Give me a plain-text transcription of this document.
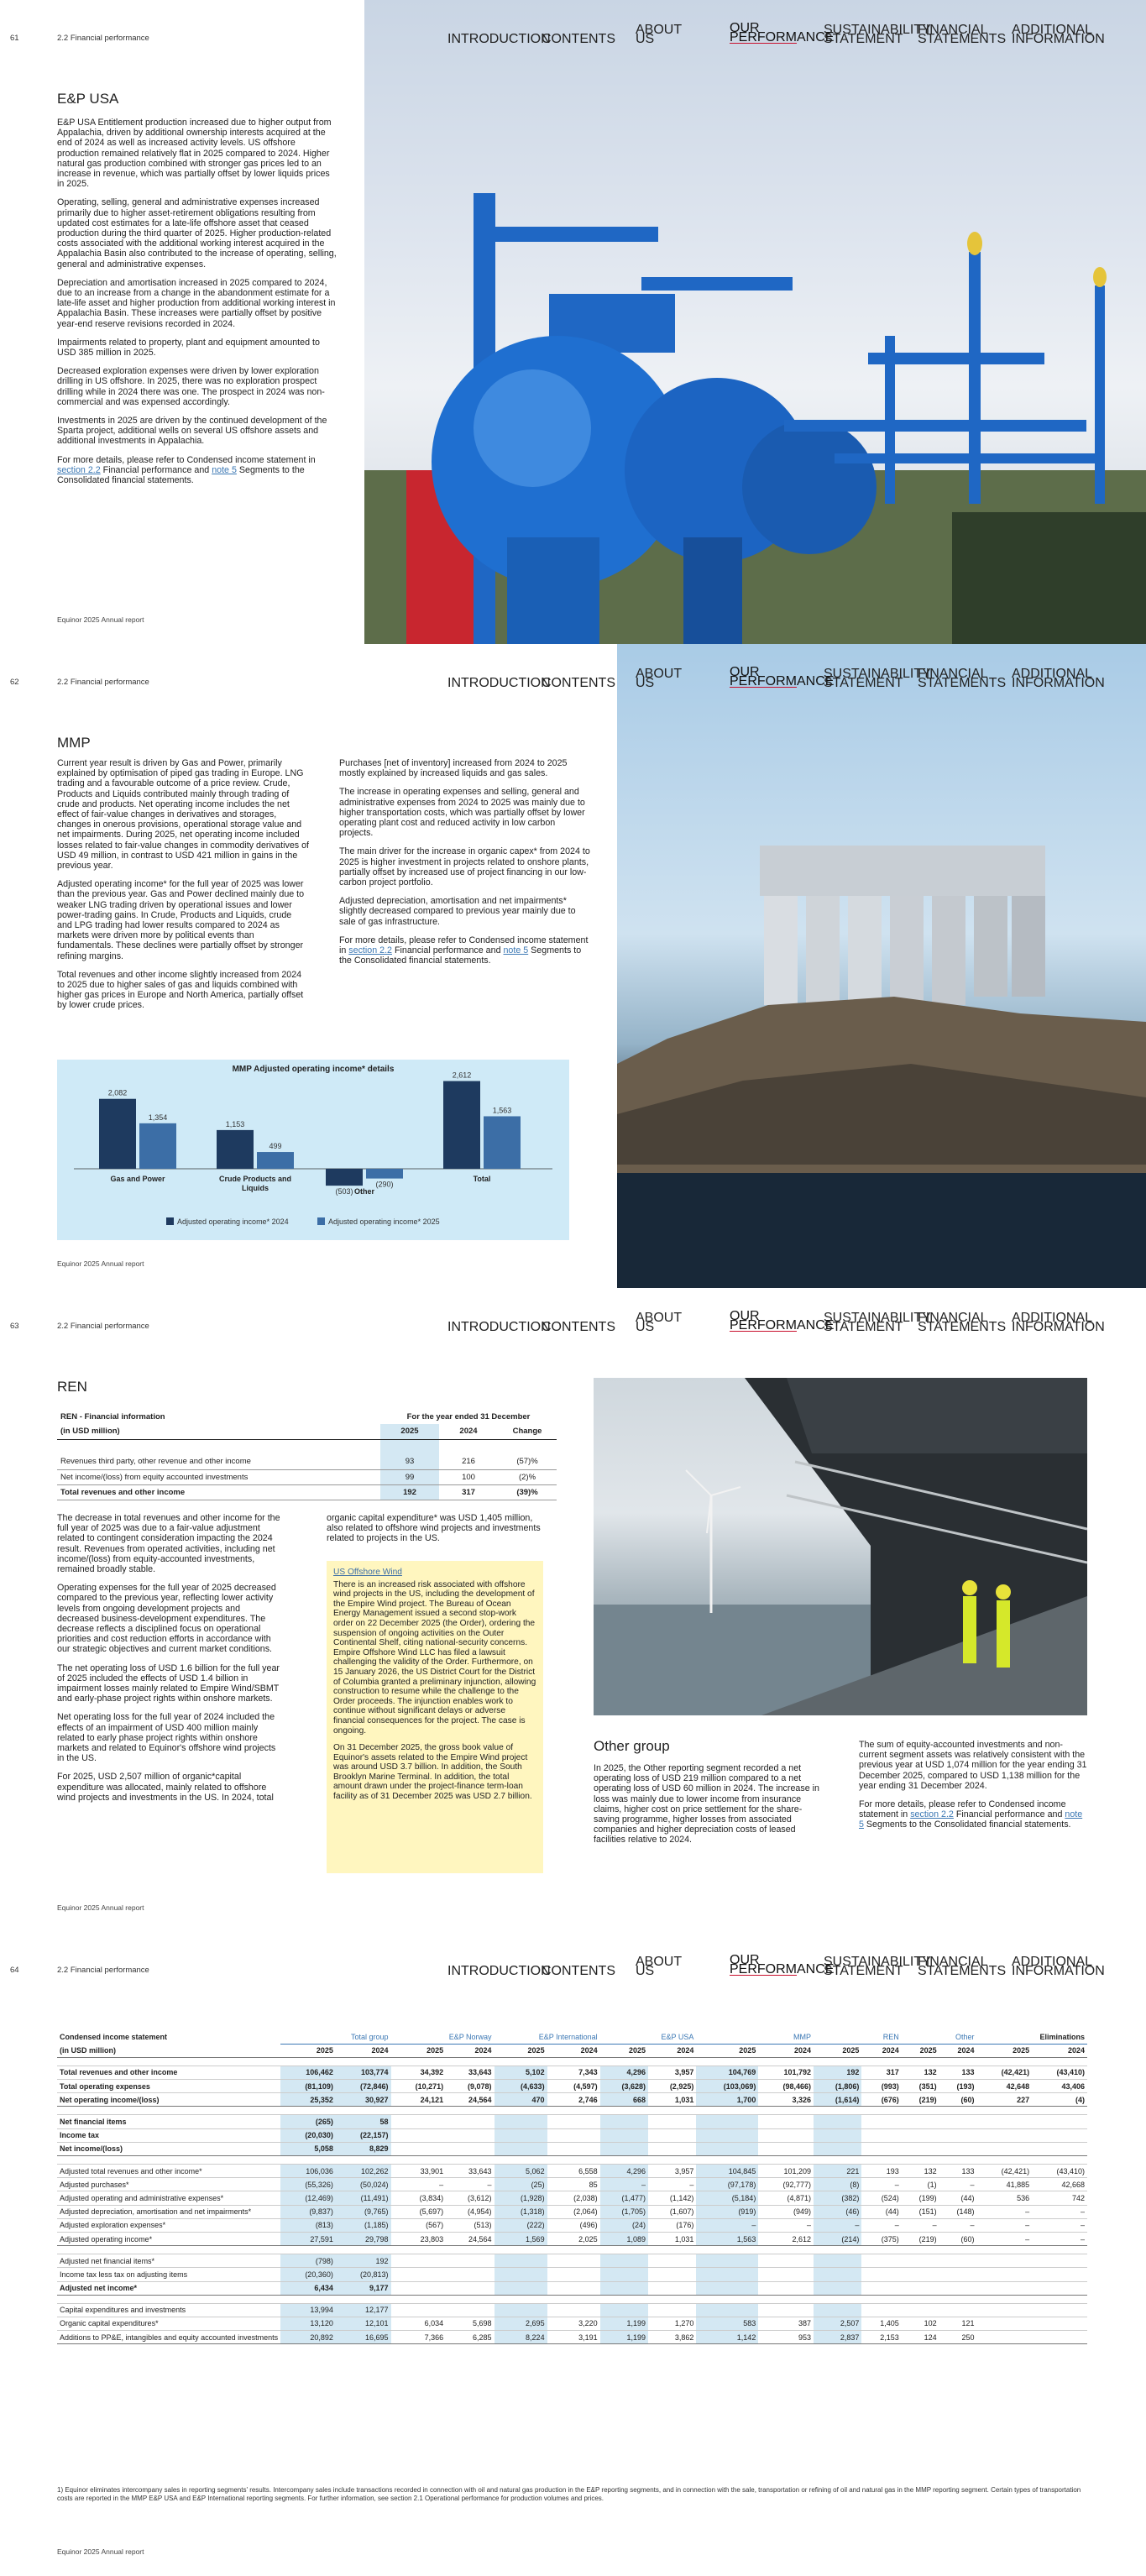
61	2.2 Financial performance	INTRODUCTION
CONTENTS
ABOUT US
OUR PERFORMANCE
SUSTAINABILITY STATEMENT
FINANCIAL STATEMENTS
ADDITIONAL INFORMATION
E&P USA

E&P USA Entitlement production increased due to higher output from Appalachia, driven by additional ownership interests acquired at the end of 2024 as well as increased activity levels. US offshore production remained relatively flat in 2025 compared to 2024. Higher natural gas production combined with stronger gas prices led to an increase in revenue, which was partially offset by lower liquids prices in 2025.

Operating, selling, general and administrative expenses increased primarily due to higher asset-retirement obligations resulting from updated cost estimates for a late-life offshore asset that ceased production during the third quarter of 2025. Higher production-related costs associated with the additional working interest acquired in the Appalachia Basin also contributed to the increase of operating, selling, general and administrative expenses.

Depreciation and amortisation increased in 2025 compared to 2024, due to an increase from a change in the abandonment estimate for a late-life asset and higher production from additional working interest in Appalachia Basin. These increases were partially offset by positive year-end reserve revisions recorded in 2024.

Impairments related to property, plant and equipment amounted to USD 385 million in 2025.

Decreased exploration expenses were driven by lower exploration drilling in US offshore. In 2025, there was no exploration prospect drilling while in 2024 there was one. The prospect in 2024 was non-commercial and was expensed accordingly.

Investments in 2025 are driven by the continued development of the Sparta project, additional wells on several US offshore assets and additional investments in Appalachia.

For more details, please refer to Condensed income statement in section 2.2 Financial performance and note 5 Segments to the Consolidated financial statements.

Equinor 2025 Annual report
62	2.2 Financial performance	INTRODUCTION
CONTENTS
ABOUT US
OUR PERFORMANCE
SUSTAINABILITY STATEMENT
FINANCIAL STATEMENTS
ADDITIONAL INFORMATION
MMP

Current year result is driven by Gas and Power, primarily explained by optimisation of piped gas trading in Europe. LNG trading and a favourable outcome of a price review. Crude, Products and Liquids contributed mainly through trading of crude and products. Net operating income includes the net effect of fair-value changes in derivatives and storages, changes in onerous provisions, operational storage value and net impairments. During 2025, net operating income included losses related to fair-value changes in commodity derivatives of USD 49 million, in contrast to USD 421 million in gains in the previous year.

Adjusted operating income* for the full year of 2025 was lower than the previous year. Gas and Power declined mainly due to weaker LNG trading driven by operational issues and lower power-trading gains. In Crude, Products and Liquids, crude and LPG trading had lower results compared to 2024 as markets were driven more by political events than fundamentals. These declines were partially offset by stronger refining margins.

Total revenues and other income slightly increased from 2024 to 2025 due to higher sales of gas and liquids combined with higher gas prices in Europe and North America, partially offset by lower crude prices.

Purchases [net of inventory] increased from 2024 to 2025 mostly explained by increased liquids and gas sales.

The increase in operating expenses and selling, general and administrative expenses from 2024 to 2025 was mainly due to higher transportation costs, which was partially offset by lower operating plant cost and reduced activity in low carbon projects.

The main driver for the increase in organic capex* from 2024 to 2025 is higher investment in projects related to onshore plants, partially offset by increased use of project financing in our low-carbon project portfolio.

Adjusted depreciation, amortisation and net impairments* slightly decreased compared to previous year mainly due to sale of gas infrastructure.

For more details, please refer to Condensed income statement in section 2.2 Financial performance and note 5 Segments to the Consolidated financial statements.

MMP Adjusted operating income* details
2,082
1,354
Gas and Power
1,153
499
Crude Products and
Liquids	(503)
(290)
Other
2,612
1,563
Total
Adjusted operating income* 2024	Adjusted operating income* 2025
Equinor 2025 Annual report
63	2.2 Financial performance	INTRODUCTION
CONTENTS
ABOUT US
OUR PERFORMANCE
SUSTAINABILITY STATEMENT
FINANCIAL STATEMENTS
ADDITIONAL INFORMATION
REN
REN - Financial information	For the year ended 31 December		
(in USD million)	2025	2024	Change

Revenues third party, other revenue and other income	93	216	(57)%
Net income/(loss) from equity accounted investments	99	100	(2)%
Total revenues and other income	192	317	(39)%

The decrease in total revenues and other income for the full year of 2025 was due to a fair-value adjustment related to contingent consideration impacting the 2024 result. Revenues from operated activities, including net income/(loss) from equity-accounted investments, remained broadly stable.

Operating expenses for the full year of 2025 decreased compared to the previous year, reflecting lower activity levels from ongoing development projects and decreased business-development expenditures. The decrease reflects a disciplined focus on operational priorities and cost reduction efforts in accordance with our strategic objectives and current market conditions.

The net operating loss of USD 1.6 billion for the full year of 2025 included the effects of USD 1.4 billion in impairment losses mainly related to Empire Wind/SBMT and early-phase project rights within onshore markets.

Net operating loss for the full year of 2024 included the effects of an impairment of USD 400 million mainly related to early phase project rights within onshore markets and related to Equinor's offshore wind projects in the US.

For 2025, USD 2,507 million of organic*capital expenditure was allocated, mainly related to offshore wind projects and investments in the US. In 2024, total

organic capital expenditure* was USD 1,405 million, also related to offshore wind projects and investments related to projects in the US.

US Offshore Wind

There is an increased risk associated with offshore wind projects in the US, including the development of the Empire Wind project. The Bureau of Ocean Energy Management issued a second stop-work order on 22 December 2025 (the Order), ordering the suspension of ongoing activities on the Outer Continental Shelf, citing national-security concerns. Empire Offshore Wind LLC has filed a lawsuit challenging the validity of the Order. Furthermore, on 15 January 2026, the US District Court for the District of Columbia granted a preliminary injunction, allowing construction to resume while the challenge to the Order proceeds. The injunction enables work to continue without significant delays or adverse financial consequences for the project. The case is ongoing.

On 31 December 2025, the gross book value of Equinor's assets related to the Empire Wind project was around USD 3.7 billion. In addition, the South Brooklyn Marine Terminal. In addition, the total amount drawn under the project-finance term-loan facility as of 31 December 2025 was USD 2.7 billion.

Other group

In 2025, the Other reporting segment recorded a net operating loss of USD 219 million compared to a net operating loss of USD 60 million in 2024. The increase in loss was mainly due to lower income from insurance claims, higher cost on price settlement for the share-saving programme, higher losses from associated companies and higher depreciation costs of leased facilities relative to 2024.

The sum of equity-accounted investments and non-current segment assets was relatively consistent with the previous year at USD 1,074 million for the year ending 31 December 2025, compared to USD 1,138 million for the year ending 31 December 2024.

For more details, please refer to Condensed income statement in section 2.2 Financial performance and note 5 Segments to the Consolidated financial statements.

Equinor 2025 Annual report
64	2.2 Financial performance	INTRODUCTION
CONTENTS
ABOUT US
OUR PERFORMANCE
SUSTAINABILITY STATEMENT
FINANCIAL STATEMENTS
ADDITIONAL INFORMATION
Condensed income statement	Total group		E&P Norway		E&P International		E&P USA		MMP		REN		Other		Eliminations	
(in USD million)	2025	2024	2025	2024	2025	2024	2025	2024	2025	2024	2025	2024	2025	2024	2025	2024

Total revenues and other income	106,462	103,774	34,392	33,643	5,102	7,343	4,296	3,957	104,769	101,792	192	317	132	133	(42,421)	(43,410)
Total operating expenses	(81,109)	(72,846)	(10,271)	(9,078)	(4,633)	(4,597)	(3,628)	(2,925)	(103,069)	(98,466)	(1,806)	(993)	(351)	(193)	42,648	43,406
Net operating income/(loss)	25,352	30,927	24,121	24,564	470	2,746	668	1,031	1,700	3,326	(1,614)	(676)	(219)	(60)	227	(4)

Net financial items	(265)	58														
Income tax	(20,030)	(22,157)														
Net income/(loss)	5,058	8,829														

Adjusted total revenues and other income*	106,036	102,262	33,901	33,643	5,062	6,558	4,296	3,957	104,845	101,209	221	193	132	133	(42,421)	(43,410)
Adjusted purchases*	(55,326)	(50,024)	–	–	(25)	85	–	–	(97,178)	(92,777)	(8)	–	(1)	–	41,885	42,668
Adjusted operating and administrative expenses*	(12,469)	(11,491)	(3,834)	(3,612)	(1,928)	(2,038)	(1,477)	(1,142)	(5,184)	(4,871)	(382)	(524)	(199)	(44)	536	742
Adjusted depreciation, amortisation and net impairments*	(9,837)	(9,765)	(5,697)	(4,954)	(1,318)	(2,064)	(1,705)	(1,607)	(919)	(949)	(46)	(44)	(151)	(148)	–	–
Adjusted exploration expenses*	(813)	(1,185)	(567)	(513)	(222)	(496)	(24)	(176)	–	–	–	–	–	–	–	–
Adjusted operating income*	27,591	29,798	23,803	24,564	1,569	2,025	1,089	1,031	1,563	2,612	(214)	(375)	(219)	(60)	–	–

Adjusted net financial items*	(798)	192														
Income tax less tax on adjusting items	(20,360)	(20,813)														
Adjusted net income*	6,434	9,177														

Capital expenditures and investments	13,994	12,177														
Organic capital expenditures*	13,120	12,101	6,034	5,698	2,695	3,220	1,199	1,270	583	387	2,507	1,405	102	121		
Additions to PP&E, intangibles and equity accounted investments	20,892	16,695	7,366	6,285	8,224	3,191	1,199	3,862	1,142	953	2,837	2,153	124	250		
1) Equinor eliminates intercompany sales in reporting segments' results. Intercompany sales include transactions recorded in connection with oil and natural gas production in the E&P reporting segments, and in connection with the sale, transportation or refining of oil and natural gas in the MMP reporting segment. Certain types of transportation costs are reported in the MMP E&P USA and E&P International reporting segments. For further information, see section 2.1 Operational performance for production volumes and prices.
Equinor 2025 Annual report
